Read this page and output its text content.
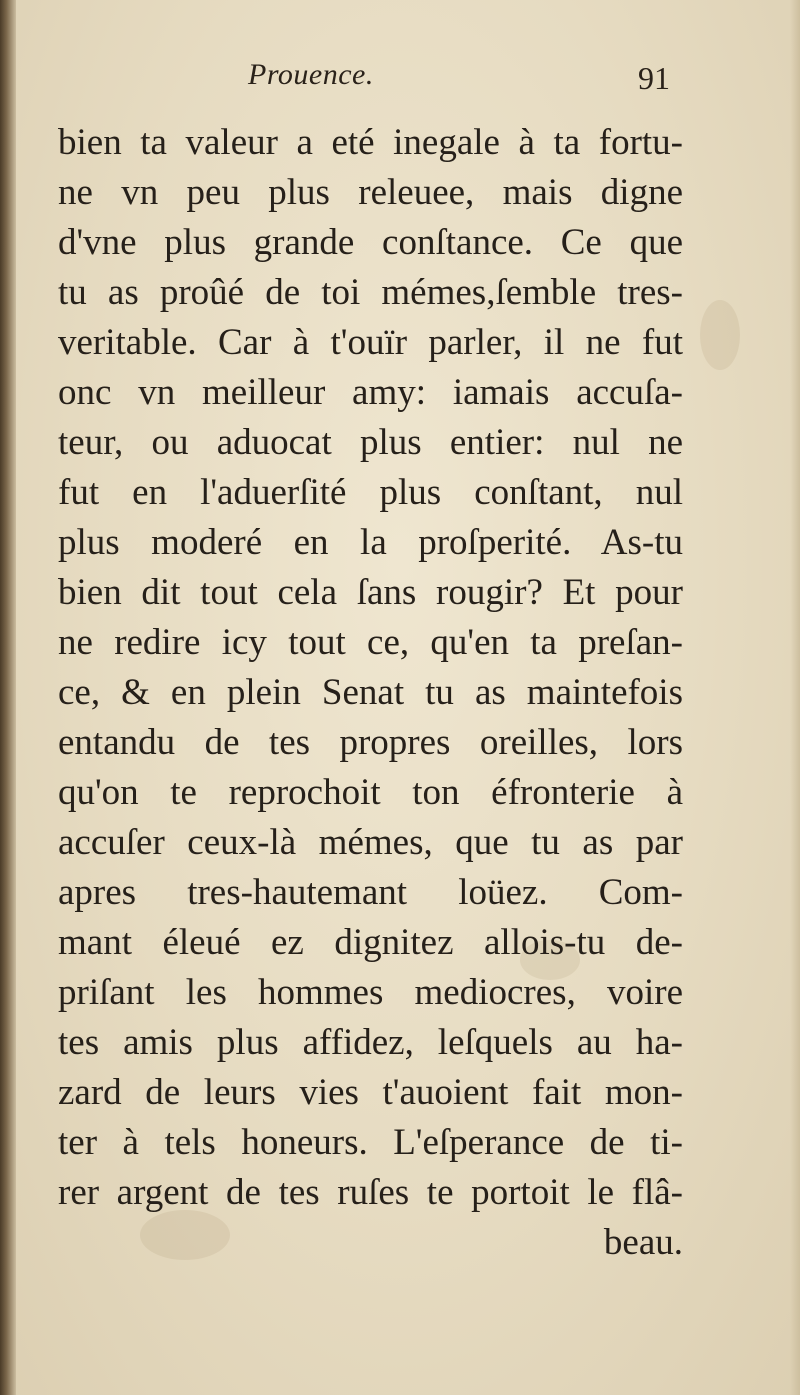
Prouence.	91
bien ta valeur a eté inegale à ta fortu-
ne vn peu plus releuee, mais digne
d'vne plus grande conſtance. Ce que
tu as proûé de toi mémes,ſemble tres-
veritable. Car à t'ouïr parler, il ne fut
onc vn meilleur amy: iamais accuſa-
teur, ou aduocat plus entier: nul ne
fut en l'aduerſité plus conſtant, nul
plus moderé en la proſperité. As-tu
bien dit tout cela ſans rougir? Et pour
ne redire icy tout ce, qu'en ta preſan-
ce, & en plein Senat tu as maintefois
entandu de tes propres oreilles, lors
qu'on te reprochoit ton éfronterie à
accuſer ceux-là mémes, que tu as par
apres tres-hautemant loüez. Com-
mant éleué ez dignitez allois-tu de-
priſant les hommes mediocres, voire
tes amis plus affidez, leſquels au ha-
zard de leurs vies t'auoient fait mon-
ter à tels honeurs. L'eſperance de ti-
rer argent de tes ruſes te portoit le flâ-
beau.
